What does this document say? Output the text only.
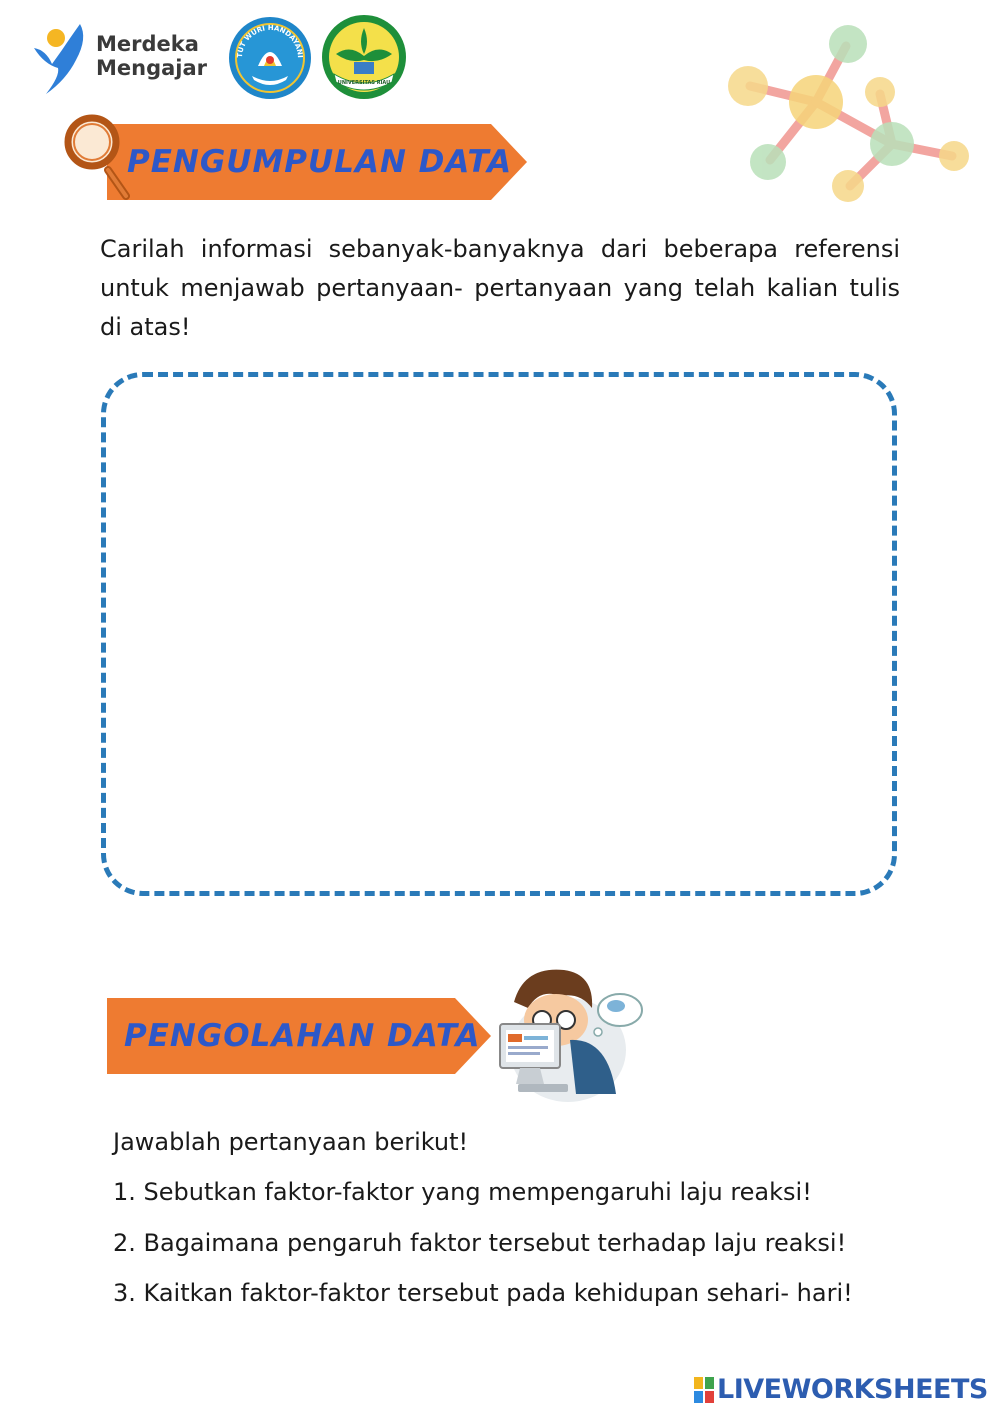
Merdeka
Mengajar
TUT WURI HANDAYANI
UNIVERSITAS RIAU
PENGUMPULAN DATA

Carilah informasi sebanyak-banyaknya dari beberapa referensi untuk menjawab pertanyaan- pertanyaan yang telah kalian tulis di atas!

PENGOLAHAN DATA
Jawablah pertanyaan berikut!
1. Sebutkan faktor-faktor yang mempengaruhi laju reaksi!
2. Bagaimana pengaruh faktor tersebut terhadap laju reaksi!
3. Kaitkan faktor-faktor tersebut pada kehidupan sehari- hari!
LIVEWORKSHEETS
